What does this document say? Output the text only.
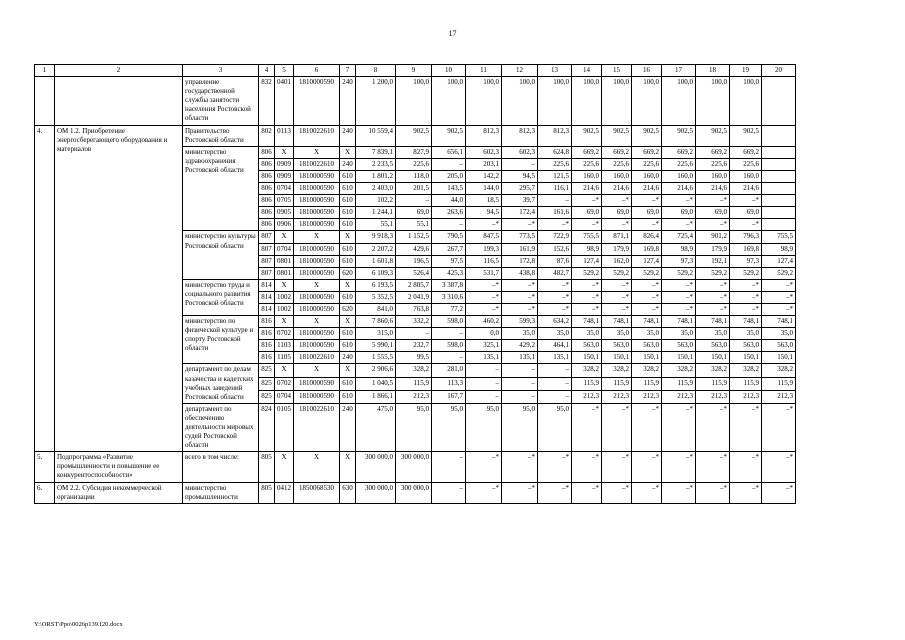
17
1	2	3	4	5	6	7	8	9	10	11	12	13	14	15	16	17	18	19	20
		управление государственной службы занятости населения Ростовской области	832	0401	1810000590	240	1 200,0	100,0	100,0	100,0	100,0	100,0	100,0	100,0	100,0	100,0	100,0	100,0	
4.	ОМ 1.2. Приобретение энергосберегающего оборудования и материалов	Правительство Ростовской области	802	0113	1810022610	240	10 559,4	902,5	902,5	812,3	812,3	812,3	902,5	902,5	902,5	902,5	902,5	902,5	
		министерство здравоохранения Ростовской области	806	Х	Х	Х	7 839,1	827,9	656,1	602,3	602,3	624,8	669,2	669,2	669,2	669,2	669,2	669,2	
			806	0909	1810022610	240	2 233,5	225,6	–	203,1	–	225,6	225,6	225,6	225,6	225,6	225,6	225,6	
			806	0909	1810000590	610	1 801,2	118,0	205,0	142,2	94,5	121,5	160,0	160,0	160,0	160,0	160,0	160,0	
			806	0704	1810000590	610	2 403,0	201,5	143,5	144,0	295,7	116,1	214,6	214,6	214,6	214,6	214,6	214,6	
			806	0705	1810000590	610	102,2	–	44,0	18,5	39,7	–	–*	–*	–*	–*	–*	–*	
			806	0905	1810000590	610	1 244,1	69,0	263,6	94,5	172,4	161,6	69,0	69,0	69,0	69,0	69,0	69,0	
			806	0906	1810000590	610	55,1	55,1	–	–*	–*	–*	–*	–*	–*	–*	–*	–*	
		министерство культуры Ростовской области	807	Х	Х	Х	9 918,3	1 152,5	790,5	847,5	773,5	722,9	755,5	871,1	826,4	725,4	901,2	796,3	755,5
			807	0704	1810000590	610	2 207,2	429,6	267,7	199,3	161,9	152,6	98,9	179,9	169,8	98,9	179,9	169,8	98,9
			807	0801	1810000590	610	1 601,8	196,5	97,5	116,5	172,8	87,6	127,4	162,0	127,4	97,3	192,1	97,3	127,4
			807	0801	1810000590	620	6 109,3	526,4	425,3	531,7	438,8	482,7	529,2	529,2	529,2	529,2	529,2	529,2	529,2
		министерство труда и социального развития Ростовской области	814	Х	Х	Х	6 193,5	2 805,7	3 387,8	–*	–*	–*	–*	–*	–*	–*	–*	–*	–*
			814	1002	1810000590	610	5 352,5	2 041,9	3 310,6	–*	–*	–*	–*	–*	–*	–*	–*	–*	–*
			814	1002	1810000590	620	841,0	763,8	77,2	–*	–*	–*	–*	–*	–*	–*	–*	–*	–*
		министерство по физической культуре и спорту Ростовской области	816	Х	Х	Х	7 860,6	332,2	598,0	460,2	599,3	634,2	748,1	748,1	748,1	748,1	748,1	748,1	748,1
			816	0702	1810000590	610	315,0	–	–	0,0	35,0	35,0	35,0	35,0	35,0	35,0	35,0	35,0	35,0
			816	1103	1810000590	610	5 990,1	232,7	598,0	325,1	429,2	464,1	563,0	563,0	563,0	563,0	563,0	563,0	563,0
			816	1105	1810022610	240	1 555,5	99,5	–	135,1	135,1	135,1	150,1	150,1	150,1	150,1	150,1	150,1	150,1
		департамент по делам казачества и кадетских учебных заведений Ростовской области	825	Х	Х	Х	2 906,6	328,2	281,0	–	–	–	328,2	328,2	328,2	328,2	328,2	328,2	328,2
			825	0702	1810000590	610	1 040,5	115,9	113,3	–	–	–	115,9	115,9	115,9	115,9	115,9	115,9	115,9
			825	0704	1810000590	610	1 866,1	212,3	167,7	–	–	–	212,3	212,3	212,3	212,3	212,3	212,3	212,3
		департамент по обеспечению деятельности мировых судей Ростовской области	824	0105	1810022610	240	475,0	95,0	95,0	95,0	95,0	95,0	–*	–*	–*	–*	–*	–*	–*
5.	Подпрограмма «Развитие промышленности и повышение ее конкурентоспособности»	всего в том числе:	805	Х	Х	Х	300 000,0	300 000,0	–	–*	–*	–*	–*	–*	–*	–*	–*	–*	–*
6.	ОМ 2.2. Субсидия некоммерческой организации	министерство промышленности	805	0412	1850068530	630	300 000,0	300 000,0	–	–*	–*	–*	–*	–*	–*	–*	–*	–*	–*
Y:\ORST\Ppo\0026p139.f20.docx
